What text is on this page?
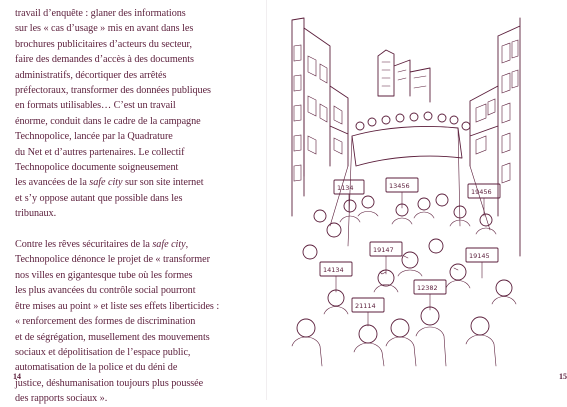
travail d’enquête : glaner des informations
sur les « cas d’usage » mis en avant dans les
brochures publicitaires d’acteurs du secteur,
faire des demandes d’accès à des documents
administratifs, décortiquer des arrêtés
préfectoraux, transformer des données publiques
en formats utilisables… C’est un travail
énorme, conduit dans le cadre de la campagne
Technopolice, lancée par la Quadrature
du Net et d’autres partenaires. Le collectif
Technopolice documente soigneusement
les avancées de la safe city sur son site internet
et s’y oppose autant que possible dans les
tribunaux.

Contre les rêves sécuritaires de la safe city,
Technopolice dénonce le projet de « transformer
nos villes en gigantesque tube où les formes
les plus avancées du contrôle social pourront
être mises au point » et liste ses effets liberticides :
« renforcement des formes de discrimination
et de ségrégation, musellement des mouvements
sociaux et dépolitisation de l’espace public,
automatisation de la police et du déni de
justice, déshumanisation toujours plus poussée
des rapports sociaux ».

14	15
1134	13456
19456
19147
14134
19145
21114
12382
